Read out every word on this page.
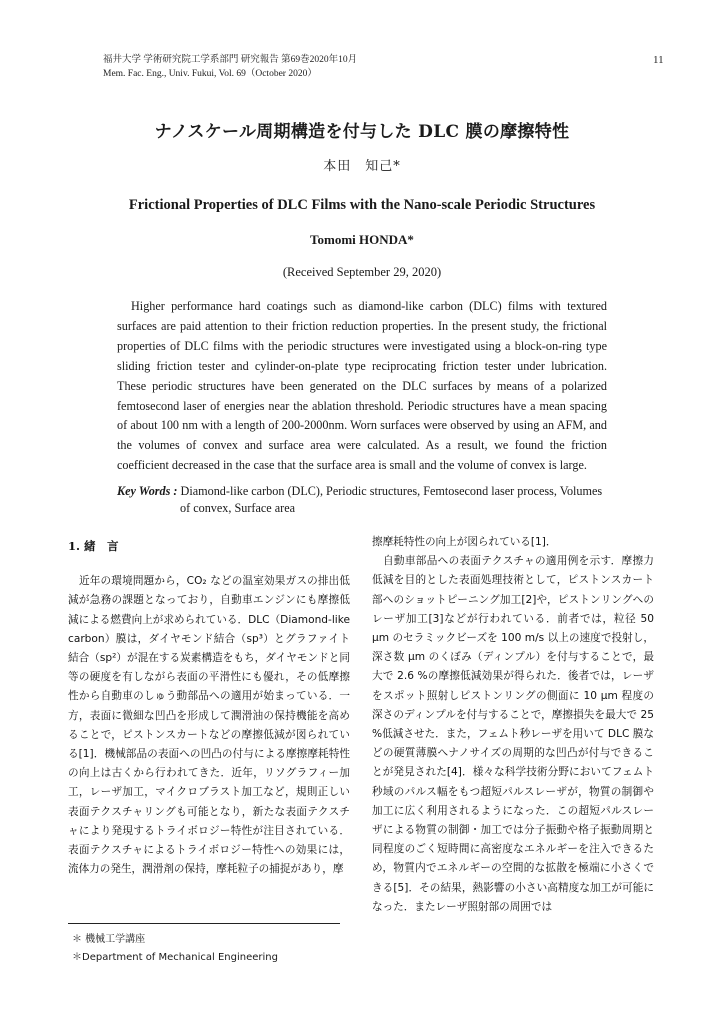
福井大学 学術研究院工学系部門 研究報告 第69巻2020年10月
Mem. Fac. Eng., Univ. Fukui, Vol. 69（October 2020）
11
ナノスケール周期構造を付与した DLC 膜の摩擦特性
本田　知己*
Frictional Properties of DLC Films with the Nano-scale Periodic Structures
Tomomi HONDA*
(Received September 29, 2020)
Higher performance hard coatings such as diamond-like carbon (DLC) films with textured surfaces are paid attention to their friction reduction properties. In the present study, the frictional properties of DLC films with the periodic structures were investigated using a block-on-ring type sliding friction tester and cylinder-on-plate type reciprocating friction tester under lubrication. These periodic structures have been generated on the DLC surfaces by means of a polarized femtosecond laser of energies near the ablation threshold. Periodic structures have a mean spacing of about 100 nm with a length of 200-2000nm. Worn surfaces were observed by using an AFM, and the volumes of convex and surface area were calculated. As a result, we found the friction coefficient decreased in the case that the surface area is small and the volume of convex is large.
Key Words : Diamond-like carbon (DLC), Periodic structures, Femtosecond laser process, Volumes
of convex, Surface area
1. 緒　言

近年の環境問題から，CO₂ などの温室効果ガスの排出低減が急務の課題となっており，自動車エンジンにも摩擦低減による燃費向上が求められている．DLC（Diamond-like carbon）膜は，ダイヤモンド結合（sp³）とグラファイト結合（sp²）が混在する炭素構造をもち，ダイヤモンドと同等の硬度を有しながら表面の平滑性にも優れ，その低摩擦性から自動車のしゅう動部品への適用が始まっている．一方，表面に微細な凹凸を形成して潤滑油の保持機能を高めることで，ピストンスカートなどの摩擦低減が図られている[1]．機械部品の表面への凹凸の付与による摩擦摩耗特性の向上は古くから行われてきた．近年，リソグラフィー加工，レーザ加工，マイクロブラスト加工など，規則正しい表面テクスチャリングも可能となり，新たな表面テクスチャにより発現するトライボロジー特性が注目されている．表面テクスチャによるトライボロジー特性への効果には，流体力の発生，潤滑剤の保持，摩耗粒子の捕捉があり，摩

擦摩耗特性の向上が図られている[1]．

自動車部品への表面テクスチャの適用例を示す．摩擦力低減を目的とした表面処理技術として，ピストンスカート部へのショットピーニング加工[2]や，ピストンリングへのレーザ加工[3]などが行われている．前者では，粒径 50 µm のセラミックビーズを 100 m/s 以上の速度で投射し，深さ数 µm のくぼみ（ディンプル）を付与することで，最大で 2.6 %の摩擦低減効果が得られた．後者では，レーザをスポット照射しピストンリングの側面に 10 µm 程度の深さのディンプルを付与することで，摩擦損失を最大で 25 %低減させた．また，フェムト秒レーザを用いて DLC 膜などの硬質薄膜へナノサイズの周期的な凹凸が付与できることが発見された[4]．様々な科学技術分野においてフェムト秒域のパルス幅をもつ超短パルスレーザが，物質の制御や加工に広く利用されるようになった．この超短パルスレーザによる物質の制御・加工では分子振動や格子振動周期と同程度のごく短時間に高密度なエネルギーを注入できるため，物質内でエネルギーの空間的な拡散を極端に小さくできる[5]．その結果，熱影響の小さい高精度な加工が可能になった．またレーザ照射部の周囲では

＊ 機械工学講座
＊Department of Mechanical Engineering
